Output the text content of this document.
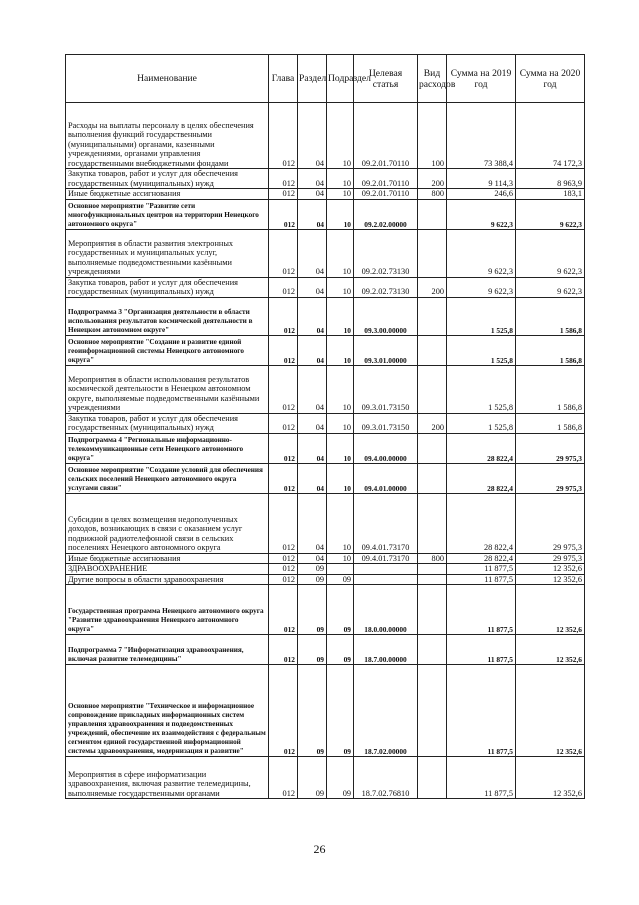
Наименование	Глава	Раздел	Подраздел	Целевая статья	Вид расходов	Сумма на 2019 год	Сумма на 2020 год
Расходы на выплаты персоналу в целях обеспечения выполнения функций государственными (муниципальными) органами, казенными учреждениями, органами управления государственными внебюджетными фондами	012	04	10	09.2.01.70110	100	73 388,4	74 172,3
Закупка товаров, работ и услуг для обеспечения государственных (муниципальных) нужд	012	04	10	09.2.01.70110	200	9 114,3	8 963,9
Иные бюджетные ассигнования	012	04	10	09.2.01.70110	800	246,6	183,1
Основное мероприятие "Развитие сети многофункциональных центров на территории Ненецкого автономного округа"	012	04	10	09.2.02.00000		9 622,3	9 622,3
Мероприятия в области развития электронных государственных и муниципальных услуг, выполняемые подведомственными казёнными учреждениями	012	04	10	09.2.02.73130		9 622,3	9 622,3
Закупка товаров, работ и услуг для обеспечения государственных (муниципальных) нужд	012	04	10	09.2.02.73130	200	9 622,3	9 622,3
Подпрограмма 3 "Организация деятельности в области использования результатов космической деятельности в Ненецком автономном округе"	012	04	10	09.3.00.00000		1 525,8	1 586,8
Основное мероприятие "Создание и развитие единой геоинформационной системы Ненецкого автономного округа"	012	04	10	09.3.01.00000		1 525,8	1 586,8
Мероприятия в области использования результатов космической деятельности в Ненецком автономном округе, выполняемые подведомственными казёнными учреждениями	012	04	10	09.3.01.73150		1 525,8	1 586,8
Закупка товаров, работ и услуг для обеспечения государственных (муниципальных) нужд	012	04	10	09.3.01.73150	200	1 525,8	1 586,8
Подпрограмма 4 "Региональные информационно-телекоммуникационные сети Ненецкого автономного округа"	012	04	10	09.4.00.00000		28 822,4	29 975,3
Основное мероприятие "Создание условий для обеспечения сельских поселений Ненецкого автономного округа услугами связи"	012	04	10	09.4.01.00000		28 822,4	29 975,3
Субсидии в целях возмещения недополученных доходов, возникающих в связи с оказанием услуг подвижной радиотелефонной связи в сельских поселениях Ненецкого автономного округа	012	04	10	09.4.01.73170		28 822,4	29 975,3
Иные бюджетные ассигнования	012	04	10	09.4.01.73170	800	28 822,4	29 975,3
ЗДРАВООХРАНЕНИЕ	012	09				11 877,5	12 352,6
Другие вопросы в области здравоохранения	012	09	09			11 877,5	12 352,6
Государственная программа Ненецкого автономного округа "Развитие здравоохранения Ненецкого автономного округа"	012	09	09	18.0.00.00000		11 877,5	12 352,6
Подпрограмма 7 "Информатизация здравоохранения, включая развитие телемедицины"	012	09	09	18.7.00.00000		11 877,5	12 352,6
Основное мероприятие "Техническое и информационное сопровождение прикладных информационных систем управления здравоохранения и подведомственных учреждений, обеспечение их взаимодействия с федеральным сегментом единой государственной информационной системы здравоохранения, модернизация и развитие"	012	09	09	18.7.02.00000		11 877,5	12 352,6
Мероприятия в сфере информатизации здравоохранения, включая развитие телемедицины, выполняемые государственными органами	012	09	09	18.7.02.76810		11 877,5	12 352,6
26
